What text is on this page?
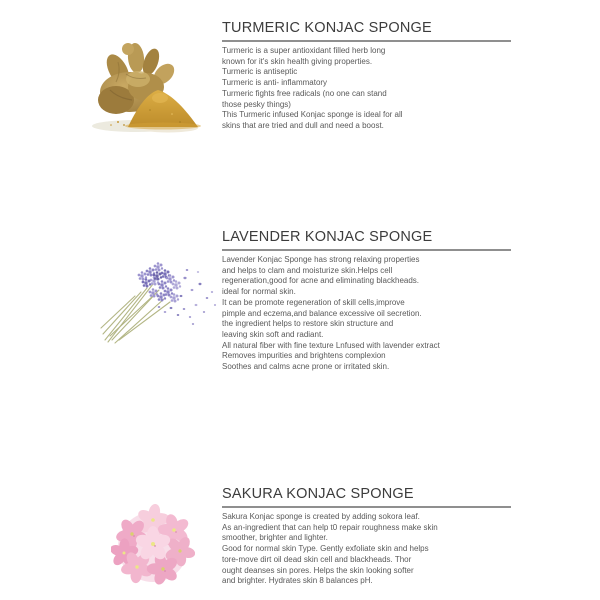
TURMERIC KONJAC SPONGE
Turmeric is a super antioxidant filled herb long
known for it's skin health giving properties.
Turmeric is antiseptic
Turmeric is anti- inflammatory
Turmeric fights free radicals (no one can stand
those pesky things)
This Turmeric infused Konjac sponge is ideal for all
skins that are tried and dull and need a boost.
LAVENDER KONJAC SPONGE
Lavender Konjac Sponge has strong relaxing properties
and helps to clam and moisturize skin.Helps cell
regeneration,good for acne and eliminating blackheads.
ideal for normal skin.
It can be promote regeneration of skill cells,improve
pimple and eczema,and balance excessive oil secretion.
the ingredient helps to restore skin structure and
leaving skin soft and radiant.
All natural fiber with fine texture Lnfused with lavender extract
Removes impurities and brightens complexion
Soothes and calms acne prone or irritated skin.
SAKURA KONJAC SPONGE
Sakura Konjac sponge is created by adding sokora leaf.
As an-ingredient that can help t0 repair roughness make skin
smoother, brighter and lighter.
Good for normal skin Type. Gently exfoliate skin and helps
tore-move dirt oil dead skin cell and blackheads. Thor
ought deanses sin pores. Helps the skin looking softer
and brighter. Hydrates skin 8 balances pH.
